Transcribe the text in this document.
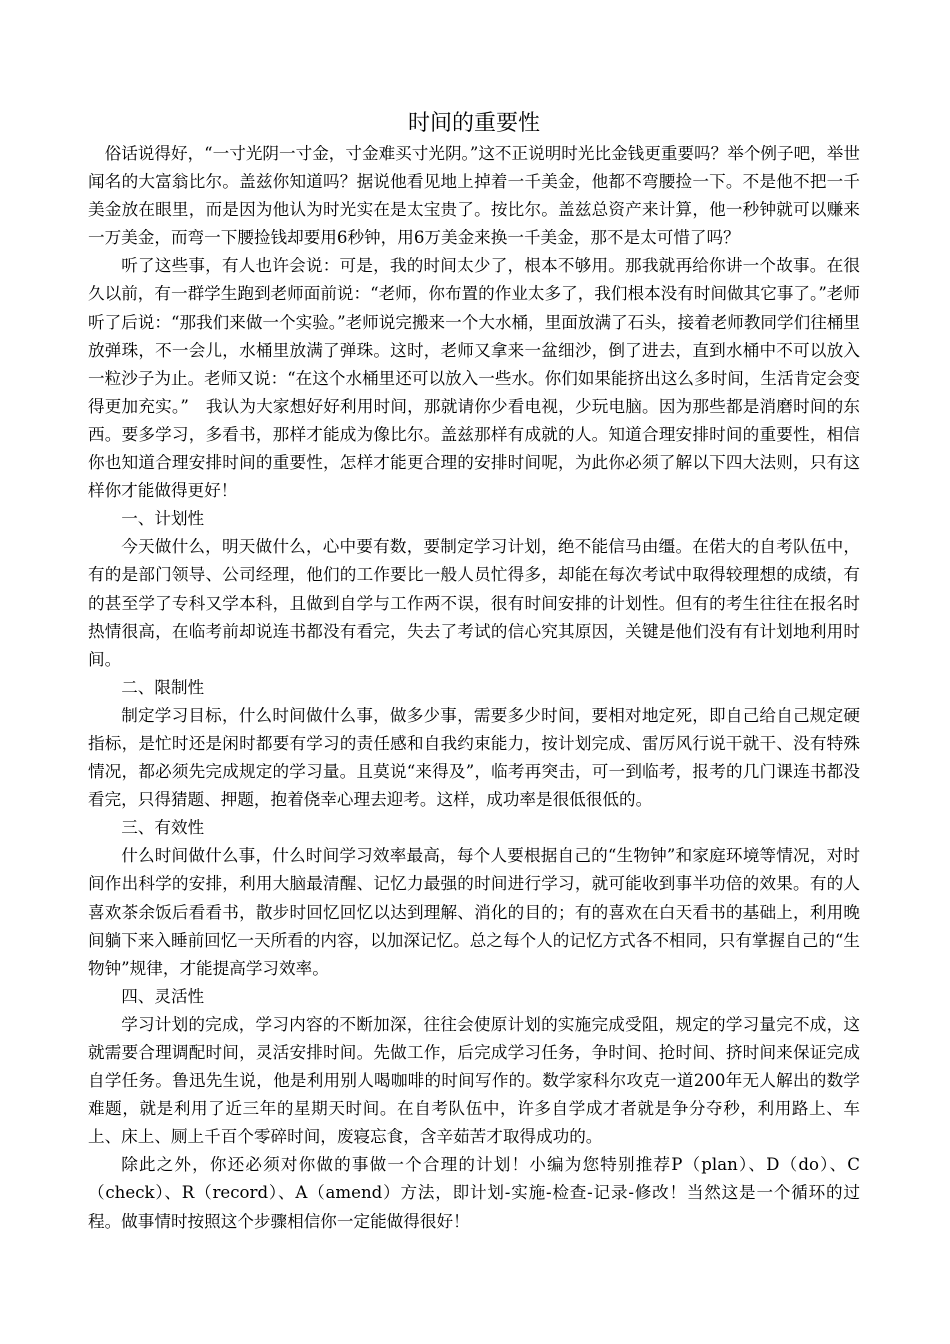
时间的重要性

俗话说得好，“一寸光阴一寸金，寸金难买寸光阴。”这不正说明时光比金钱更重要吗？举个例子吧，举世闻名的大富翁比尔。盖兹你知道吗？据说他看见地上掉着一千美金，他都不弯腰捡一下。不是他不把一千美金放在眼里，而是因为他认为时光实在是太宝贵了。按比尔。盖兹总资产来计算，他一秒钟就可以赚来一万美金，而弯一下腰捡钱却要用6秒钟，用6万美金来换一千美金，那不是太可惜了吗？

听了这些事，有人也许会说：可是，我的时间太少了，根本不够用。那我就再给你讲一个故事。在很久以前，有一群学生跑到老师面前说：“老师，你布置的作业太多了，我们根本没有时间做其它事了。”老师听了后说：“那我们来做一个实验。”老师说完搬来一个大水桶，里面放满了石头，接着老师教同学们往桶里放弹珠，不一会儿，水桶里放满了弹珠。这时，老师又拿来一盆细沙，倒了进去，直到水桶中不可以放入一粒沙子为止。老师又说：“在这个水桶里还可以放入一些水。你们如果能挤出这么多时间，生活肯定会变得更加充实。”　我认为大家想好好利用时间，那就请你少看电视，少玩电脑。因为那些都是消磨时间的东西。要多学习，多看书，那样才能成为像比尔。盖兹那样有成就的人。知道合理安排时间的重要性，相信你也知道合理安排时间的重要性，怎样才能更合理的安排时间呢，为此你必须了解以下四大法则，只有这样你才能做得更好！

一、计划性

今天做什么，明天做什么，心中要有数，要制定学习计划，绝不能信马由缰。在偌大的自考队伍中，有的是部门领导、公司经理，他们的工作要比一般人员忙得多，却能在每次考试中取得较理想的成绩，有的甚至学了专科又学本科，且做到自学与工作两不误，很有时间安排的计划性。但有的考生往往在报名时热情很高，在临考前却说连书都没有看完，失去了考试的信心究其原因，关键是他们没有有计划地利用时间。

二、限制性

制定学习目标，什么时间做什么事，做多少事，需要多少时间，要相对地定死，即自己给自己规定硬指标，是忙时还是闲时都要有学习的责任感和自我约束能力，按计划完成、雷厉风行说干就干、没有特殊情况，都必须先完成规定的学习量。且莫说“来得及”，临考再突击，可一到临考，报考的几门课连书都没看完，只得猜题、押题，抱着侥幸心理去迎考。这样，成功率是很低很低的。

三、有效性

什么时间做什么事，什么时间学习效率最高，每个人要根据自己的“生物钟”和家庭环境等情况，对时间作出科学的安排，利用大脑最清醒、记忆力最强的时间进行学习，就可能收到事半功倍的效果。有的人喜欢茶余饭后看看书，散步时回忆回忆以达到理解、消化的目的；有的喜欢在白天看书的基础上，利用晚间躺下来入睡前回忆一天所看的内容，以加深记忆。总之每个人的记忆方式各不相同，只有掌握自己的“生物钟”规律，才能提高学习效率。

四、灵活性

学习计划的完成，学习内容的不断加深，往往会使原计划的实施完成受阻，规定的学习量完不成，这就需要合理调配时间，灵活安排时间。先做工作，后完成学习任务，争时间、抢时间、挤时间来保证完成自学任务。鲁迅先生说，他是利用别人喝咖啡的时间写作的。数学家科尔攻克一道200年无人解出的数学难题，就是利用了近三年的星期天时间。在自考队伍中，许多自学成才者就是争分夺秒，利用路上、车上、床上、厕上千百个零碎时间，废寝忘食，含辛茹苦才取得成功的。

除此之外，你还必须对你做的事做一个合理的计划！小编为您特别推荐P（plan）、D（do）、C（check）、R（record）、A（amend）方法，即计划-实施-检查-记录-修改！当然这是一个循环的过程。做事情时按照这个步骤相信你一定能做得很好！
